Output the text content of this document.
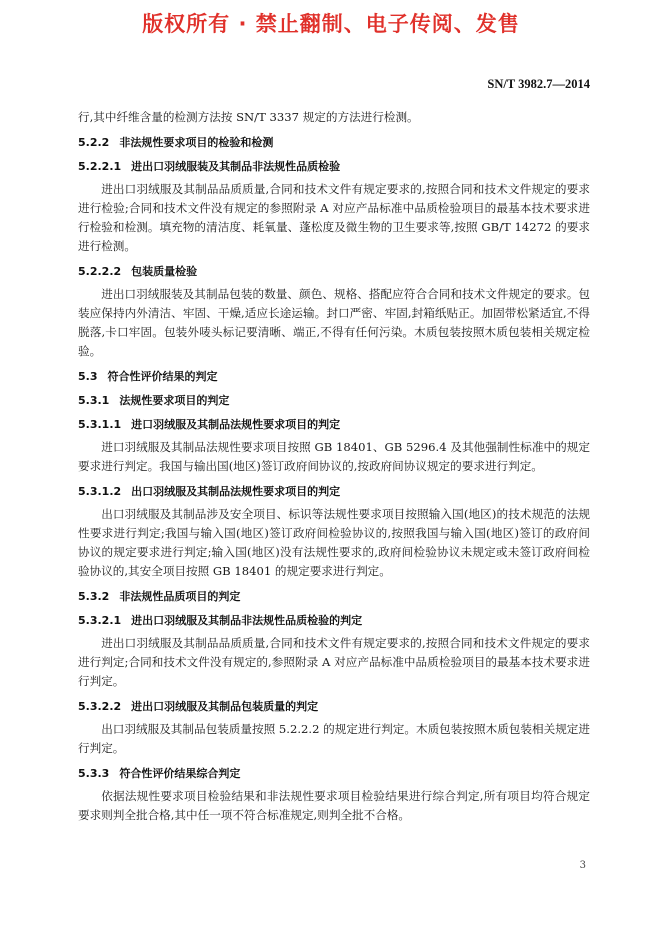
版权所有 · 禁止翻制、电子传阅、发售
SN/T 3982.7—2014
行,其中纤维含量的检测方法按 SN/T 3337 规定的方法进行检测。
5.2.2 非法规性要求项目的检验和检测
5.2.2.1 进出口羽绒服装及其制品非法规性品质检验
进出口羽绒服及其制品品质质量,合同和技术文件有规定要求的,按照合同和技术文件规定的要求进行检验;合同和技术文件没有规定的参照附录 A 对应产品标准中品质检验项目的最基本技术要求进行检验和检测。填充物的清洁度、耗氧量、蓬松度及微生物的卫生要求等,按照 GB/T 14272 的要求进行检测。
5.2.2.2 包装质量检验
进出口羽绒服装及其制品包装的数量、颜色、规格、搭配应符合合同和技术文件规定的要求。包装应保持内外清洁、牢固、干燥,适应长途运输。封口严密、牢固,封箱纸贴正。加固带松紧适宜,不得脱落,卡口牢固。包装外唛头标记要清晰、端正,不得有任何污染。木质包装按照木质包装相关规定检验。
5.3 符合性评价结果的判定
5.3.1 法规性要求项目的判定
5.3.1.1 进口羽绒服及其制品法规性要求项目的判定
进口羽绒服及其制品法规性要求项目按照 GB 18401、GB 5296.4 及其他强制性标准中的规定要求进行判定。我国与输出国(地区)签订政府间协议的,按政府间协议规定的要求进行判定。
5.3.1.2 出口羽绒服及其制品法规性要求项目的判定
出口羽绒服及其制品涉及安全项目、标识等法规性要求项目按照输入国(地区)的技术规范的法规性要求进行判定;我国与输入国(地区)签订政府间检验协议的,按照我国与输入国(地区)签订的政府间协议的规定要求进行判定;输入国(地区)没有法规性要求的,政府间检验协议未规定或未签订政府间检验协议的,其安全项目按照 GB 18401 的规定要求进行判定。
5.3.2 非法规性品质项目的判定
5.3.2.1 进出口羽绒服及其制品非法规性品质检验的判定
进出口羽绒服及其制品品质质量,合同和技术文件有规定要求的,按照合同和技术文件规定的要求进行判定;合同和技术文件没有规定的,参照附录 A 对应产品标准中品质检验项目的最基本技术要求进行判定。
5.3.2.2 进出口羽绒服及其制品包装质量的判定
出口羽绒服及其制品包装质量按照 5.2.2.2 的规定进行判定。木质包装按照木质包装相关规定进行判定。
5.3.3 符合性评价结果综合判定
依据法规性要求项目检验结果和非法规性要求项目检验结果进行综合判定,所有项目均符合规定要求则判全批合格,其中任一项不符合标准规定,则判全批不合格。
3
